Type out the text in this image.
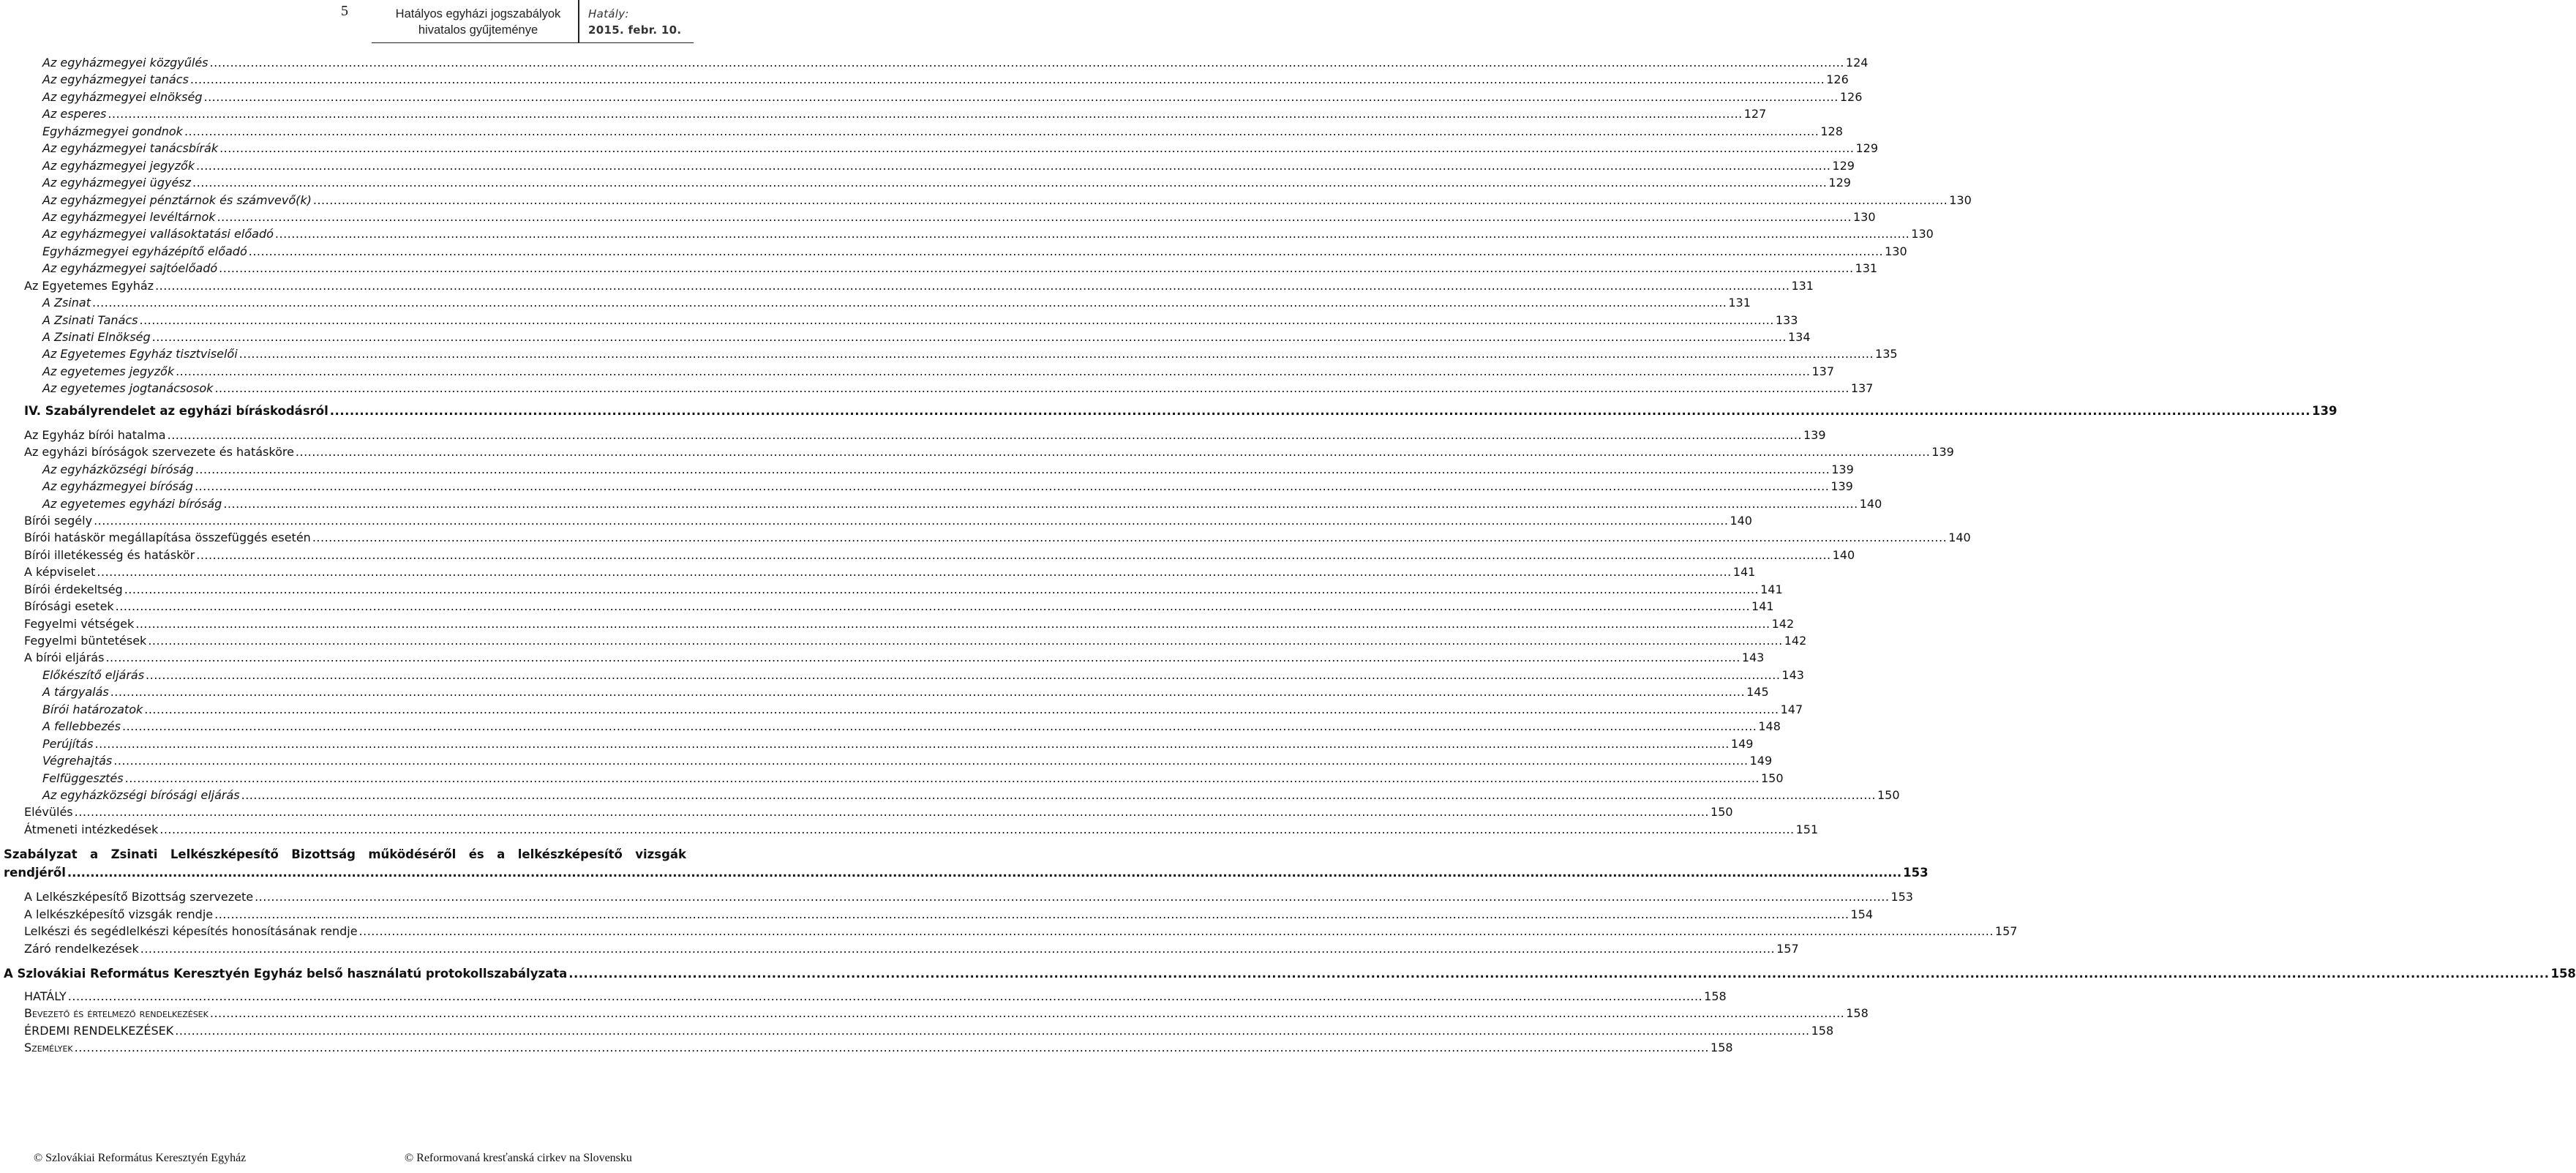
5	Hatályos egyházi jogszabályok
hivatalos gyűjteménye
Hatály:
2015. febr. 10.
Az egyházmegyei közgyűlés ................................................................................................................................................................................................................................................................................................................................................................................................................ 124
Az egyházmegyei tanács ................................................................................................................................................................................................................................................................................................................................................................................................................ 126
Az egyházmegyei elnökség ................................................................................................................................................................................................................................................................................................................................................................................................................ 126
Az esperes ................................................................................................................................................................................................................................................................................................................................................................................................................ 127
Egyházmegyei gondnok ................................................................................................................................................................................................................................................................................................................................................................................................................ 128
Az egyházmegyei tanácsbírák ................................................................................................................................................................................................................................................................................................................................................................................................................ 129
Az egyházmegyei jegyzők ................................................................................................................................................................................................................................................................................................................................................................................................................ 129
Az egyházmegyei ügyész ................................................................................................................................................................................................................................................................................................................................................................................................................ 129
Az egyházmegyei pénztárnok és számvevő(k) ................................................................................................................................................................................................................................................................................................................................................................................................................ 130
Az egyházmegyei levéltárnok ................................................................................................................................................................................................................................................................................................................................................................................................................ 130
Az egyházmegyei vallásoktatási előadó ................................................................................................................................................................................................................................................................................................................................................................................................................ 130
Egyházmegyei egyházépítő előadó ................................................................................................................................................................................................................................................................................................................................................................................................................ 130
Az egyházmegyei sajtóelőadó ................................................................................................................................................................................................................................................................................................................................................................................................................ 131
Az Egyetemes Egyház ................................................................................................................................................................................................................................................................................................................................................................................................................ 131
A Zsinat ................................................................................................................................................................................................................................................................................................................................................................................................................ 131
A Zsinati Tanács ................................................................................................................................................................................................................................................................................................................................................................................................................ 133
A Zsinati Elnökség ................................................................................................................................................................................................................................................................................................................................................................................................................ 134
Az Egyetemes Egyház tisztviselői ................................................................................................................................................................................................................................................................................................................................................................................................................ 135
Az egyetemes jegyzők ................................................................................................................................................................................................................................................................................................................................................................................................................ 137
Az egyetemes jogtanácsosok ................................................................................................................................................................................................................................................................................................................................................................................................................ 137
IV. Szabályrendelet az egyházi bíráskodásról ................................................................................................................................................................................................................................................................................................................................................................................................................ 139
Az Egyház bírói hatalma ................................................................................................................................................................................................................................................................................................................................................................................................................ 139
Az egyházi bíróságok szervezete és hatásköre ................................................................................................................................................................................................................................................................................................................................................................................................................ 139
Az egyházközségi bíróság ................................................................................................................................................................................................................................................................................................................................................................................................................ 139
Az egyházmegyei bíróság ................................................................................................................................................................................................................................................................................................................................................................................................................ 139
Az egyetemes egyházi bíróság ................................................................................................................................................................................................................................................................................................................................................................................................................ 140
Bírói segély ................................................................................................................................................................................................................................................................................................................................................................................................................ 140
Bírói hatáskör megállapítása összefüggés esetén ................................................................................................................................................................................................................................................................................................................................................................................................................ 140
Bírói illetékesség és hatáskör ................................................................................................................................................................................................................................................................................................................................................................................................................ 140
A képviselet ................................................................................................................................................................................................................................................................................................................................................................................................................ 141
Bírói érdekeltség ................................................................................................................................................................................................................................................................................................................................................................................................................ 141
Bírósági esetek ................................................................................................................................................................................................................................................................................................................................................................................................................ 141
Fegyelmi vétségek ................................................................................................................................................................................................................................................................................................................................................................................................................ 142
Fegyelmi büntetések ................................................................................................................................................................................................................................................................................................................................................................................................................ 142
A bírói eljárás ................................................................................................................................................................................................................................................................................................................................................................................................................ 143
Előkészítő eljárás ................................................................................................................................................................................................................................................................................................................................................................................................................ 143
A tárgyalás ................................................................................................................................................................................................................................................................................................................................................................................................................ 145
Bírói határozatok ................................................................................................................................................................................................................................................................................................................................................................................................................ 147
A fellebbezés ................................................................................................................................................................................................................................................................................................................................................................................................................ 148
Perújítás ................................................................................................................................................................................................................................................................................................................................................................................................................ 149
Végrehajtás ................................................................................................................................................................................................................................................................................................................................................................................................................ 149
Felfüggesztés ................................................................................................................................................................................................................................................................................................................................................................................................................ 150
Az egyházközségi bírósági eljárás ................................................................................................................................................................................................................................................................................................................................................................................................................ 150
Elévülés ................................................................................................................................................................................................................................................................................................................................................................................................................ 150
Átmeneti intézkedések ................................................................................................................................................................................................................................................................................................................................................................................................................ 151
Szabályzat a Zsinati Lelkészképesítő Bizottság működéséről és a lelkészképesítő vizsgák
rendjéről ................................................................................................................................................................................................................................................................................................................................................................................................................ 153
A Lelkészképesítő Bizottság szervezete ................................................................................................................................................................................................................................................................................................................................................................................................................ 153
A lelkészképesítő vizsgák rendje ................................................................................................................................................................................................................................................................................................................................................................................................................ 154
Lelkészi és segédlelkészi képesítés honosításának rendje ................................................................................................................................................................................................................................................................................................................................................................................................................ 157
Záró rendelkezések ................................................................................................................................................................................................................................................................................................................................................................................................................ 157
A Szlovákiai Református Keresztyén Egyház belső használatú protokollszabályzata ................................................................................................................................................................................................................................................................................................................................................................................................................ 158
HATÁLY ................................................................................................................................................................................................................................................................................................................................................................................................................ 158
Bevezető és értelmező rendelkezések ................................................................................................................................................................................................................................................................................................................................................................................................................ 158
ÉRDEMI RENDELKEZÉSEK ................................................................................................................................................................................................................................................................................................................................................................................................................ 158
Személyek ................................................................................................................................................................................................................................................................................................................................................................................................................ 158
© Szlovákiai Református Keresztyén Egyház	© Reformovaná kresťanská cirkev na Slovensku
